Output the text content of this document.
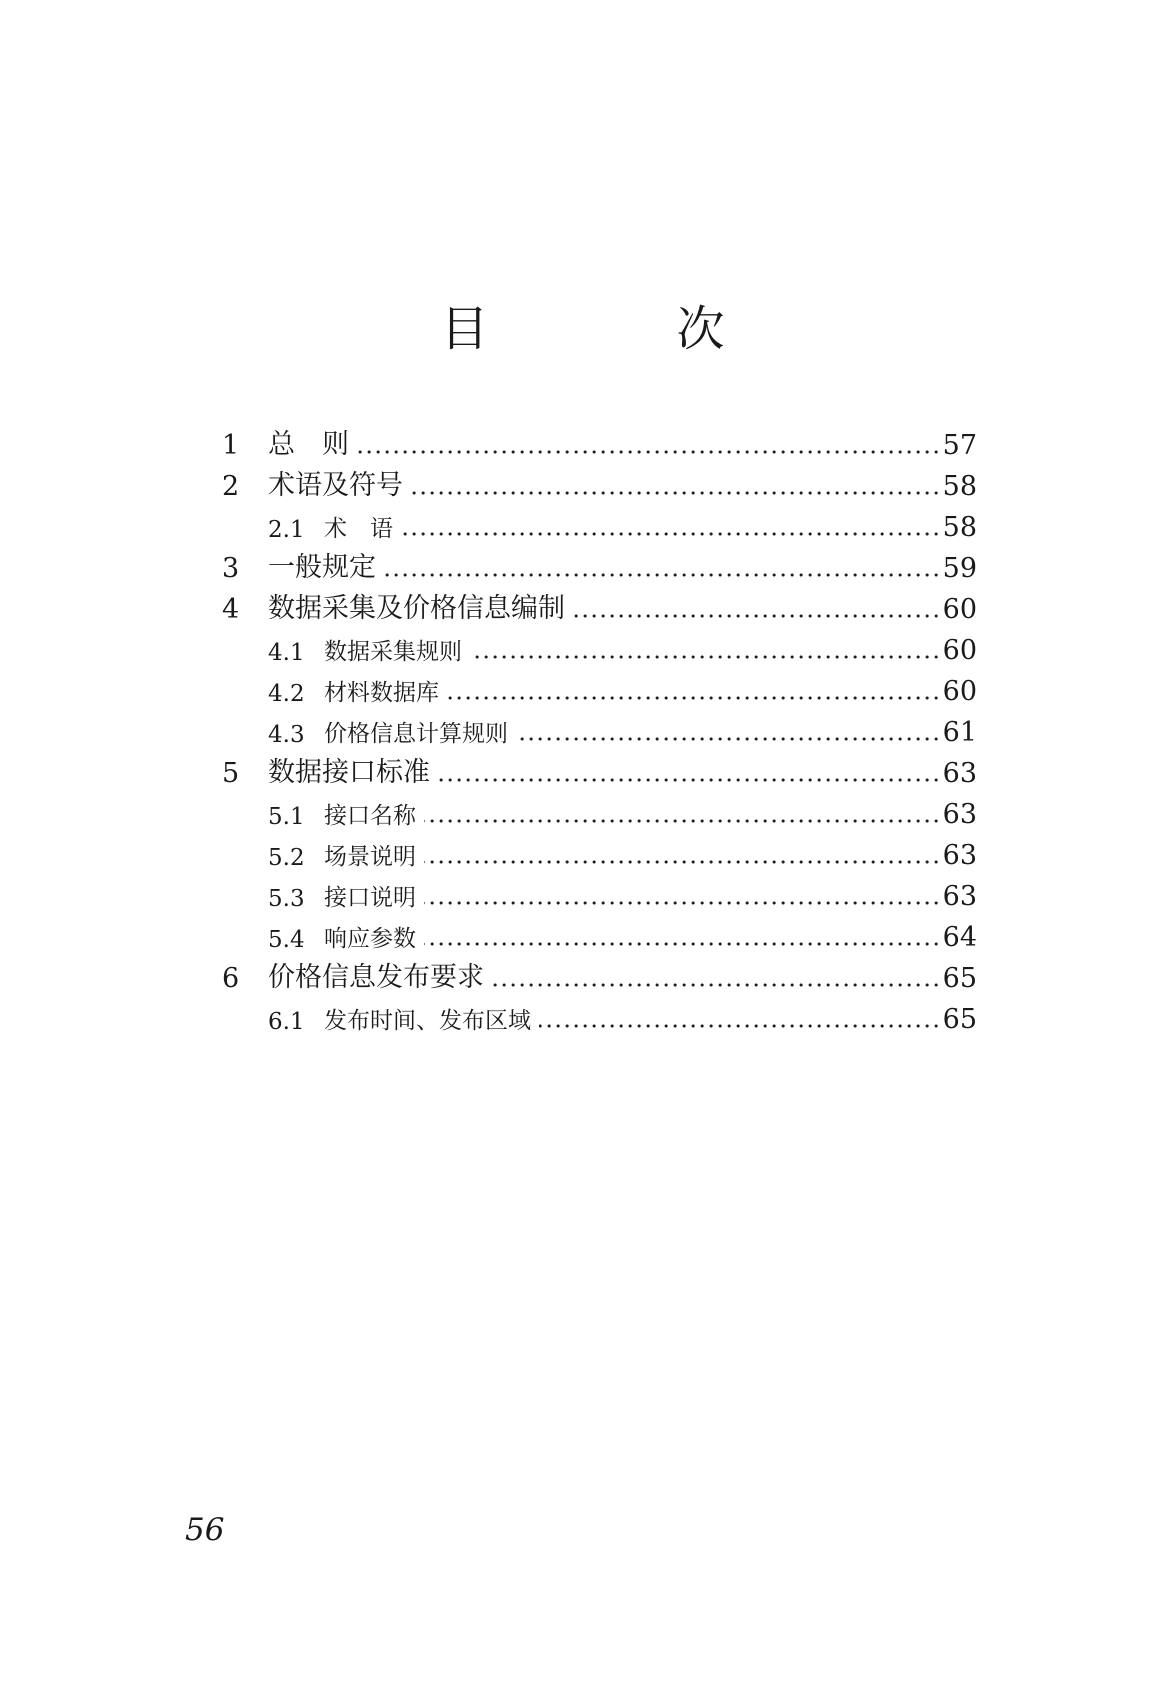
目　次
1	总　则	57
2	术语及符号	58
2.1 术　语	58
3	一般规定	59
4	数据采集及价格信息编制	60
4.1 数据采集规则	60
4.2 材料数据库	60
4.3 价格信息计算规则	61
5	数据接口标准	63
5.1 接口名称	63
5.2 场景说明	63
5.3 接口说明	63
5.4 响应参数	64
6	价格信息发布要求	65
6.1 发布时间、发布区域	65
56
